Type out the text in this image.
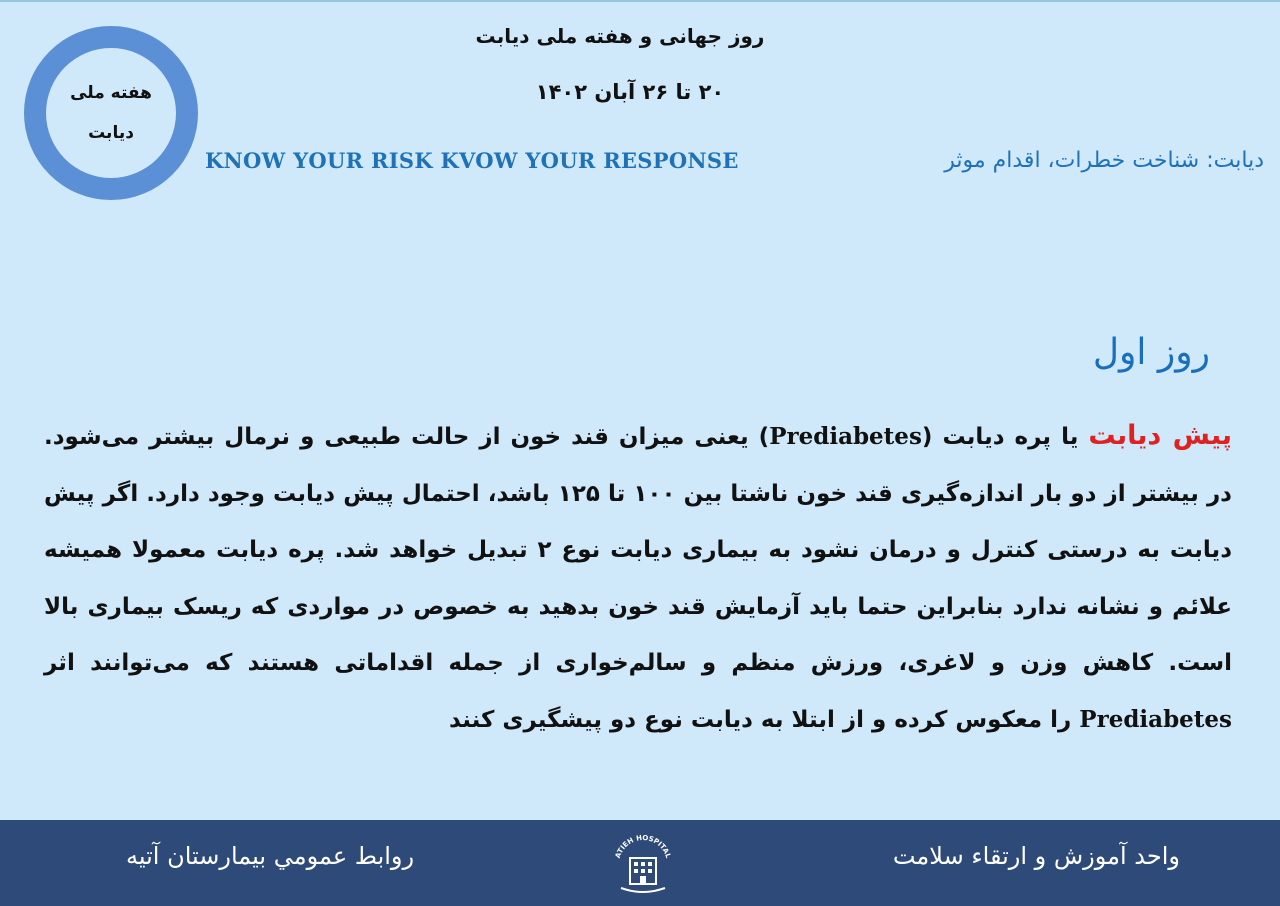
هفته ملی
دیابت
روز جهانی و هفته ملی دیابت
۲۰ تا ۲۶ آبان ۱۴۰۲
KNOW YOUR RISK KVOW YOUR RESPONSE	دیابت: شناخت خطرات، اقدام موثر
روز اول
پیش دیابت یا پره دیابت (Prediabetes) یعنی میزان قند خون از حالت طبیعی و نرمال بیشتر می‌شود. در بیشتر از دو بار اندازه‌گیری قند خون ناشتا بین ۱۰۰ تا ۱۲۵ باشد، احتمال پیش دیابت وجود دارد. اگر پیش دیابت به درستی کنترل و درمان نشود به بیماری دیابت نوع ۲ تبدیل خواهد شد. پره دیابت معمولا همیشه علائم و نشانه ندارد بنابراین حتما باید آزمایش قند خون بدهید به خصوص در مواردی که ریسک بیماری بالا است. کاهش وزن و لاغری، ورزش منظم و سالم‌خواری از جمله اقداماتی هستند که می‌توانند اثر Prediabetes را معکوس کرده و از ابتلا به دیابت نوع دو پیشگیری کنند
روابط عمومي بيمارستان آتيه	واحد آموزش و ارتقاء سلامت
ATIEH HOSPITAL
